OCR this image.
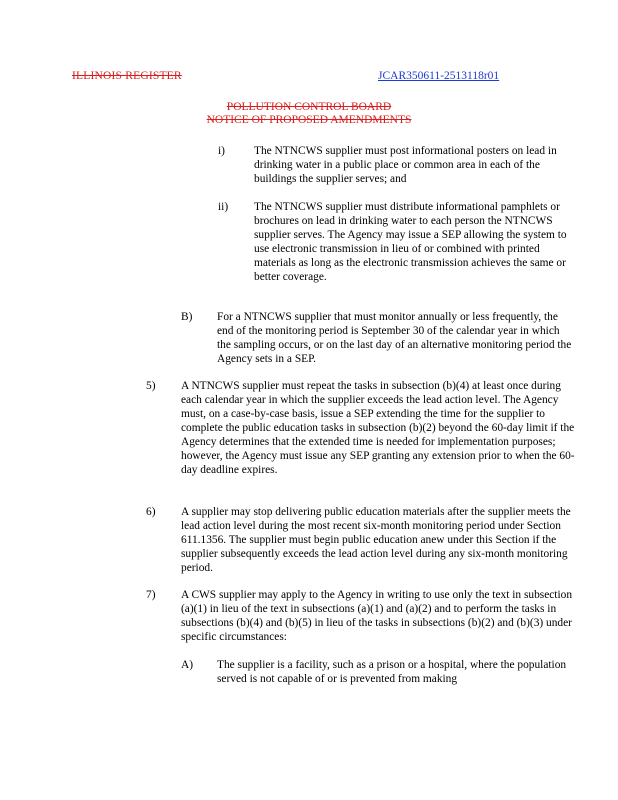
ILLINOIS REGISTER	JCAR350611-2513118r01
POLLUTION CONTROL BOARD
NOTICE OF PROPOSED AMENDMENTS
i)	The NTNCWS supplier must post informational posters on lead in drinking water in a public place or common area in each of the buildings the supplier serves; and
ii) The NTNCWS supplier must distribute informational pamphlets or brochures on lead in drinking water to each person the NTNCWS supplier serves. The Agency may issue a SEP allowing the system to use electronic transmission in lieu of or combined with printed materials as long as the electronic transmission achieves the same or better coverage.
B) For a NTNCWS supplier that must monitor annually or less frequently, the end of the monitoring period is September 30 of the calendar year in which the sampling occurs, or on the last day of an alternative monitoring period the Agency sets in a SEP.
5) A NTNCWS supplier must repeat the tasks in subsection (b)(4) at least once during each calendar year in which the supplier exceeds the lead action level. The Agency must, on a case-by-case basis, issue a SEP extending the time for the supplier to complete the public education tasks in subsection (b)(2) beyond the 60-day limit if the Agency determines that the extended time is needed for implementation purposes; however, the Agency must issue any SEP granting any extension prior to when the 60-day deadline expires.
6) A supplier may stop delivering public education materials after the supplier meets the lead action level during the most recent six-month monitoring period under Section 611.1356. The supplier must begin public education anew under this Section if the supplier subsequently exceeds the lead action level during any six-month monitoring period.
7) A CWS supplier may apply to the Agency in writing to use only the text in subsection (a)(1) in lieu of the text in subsections (a)(1) and (a)(2) and to perform the tasks in subsections (b)(4) and (b)(5) in lieu of the tasks in subsections (b)(2) and (b)(3) under specific circumstances:
A) The supplier is a facility, such as a prison or a hospital, where the population served is not capable of or is prevented from making
